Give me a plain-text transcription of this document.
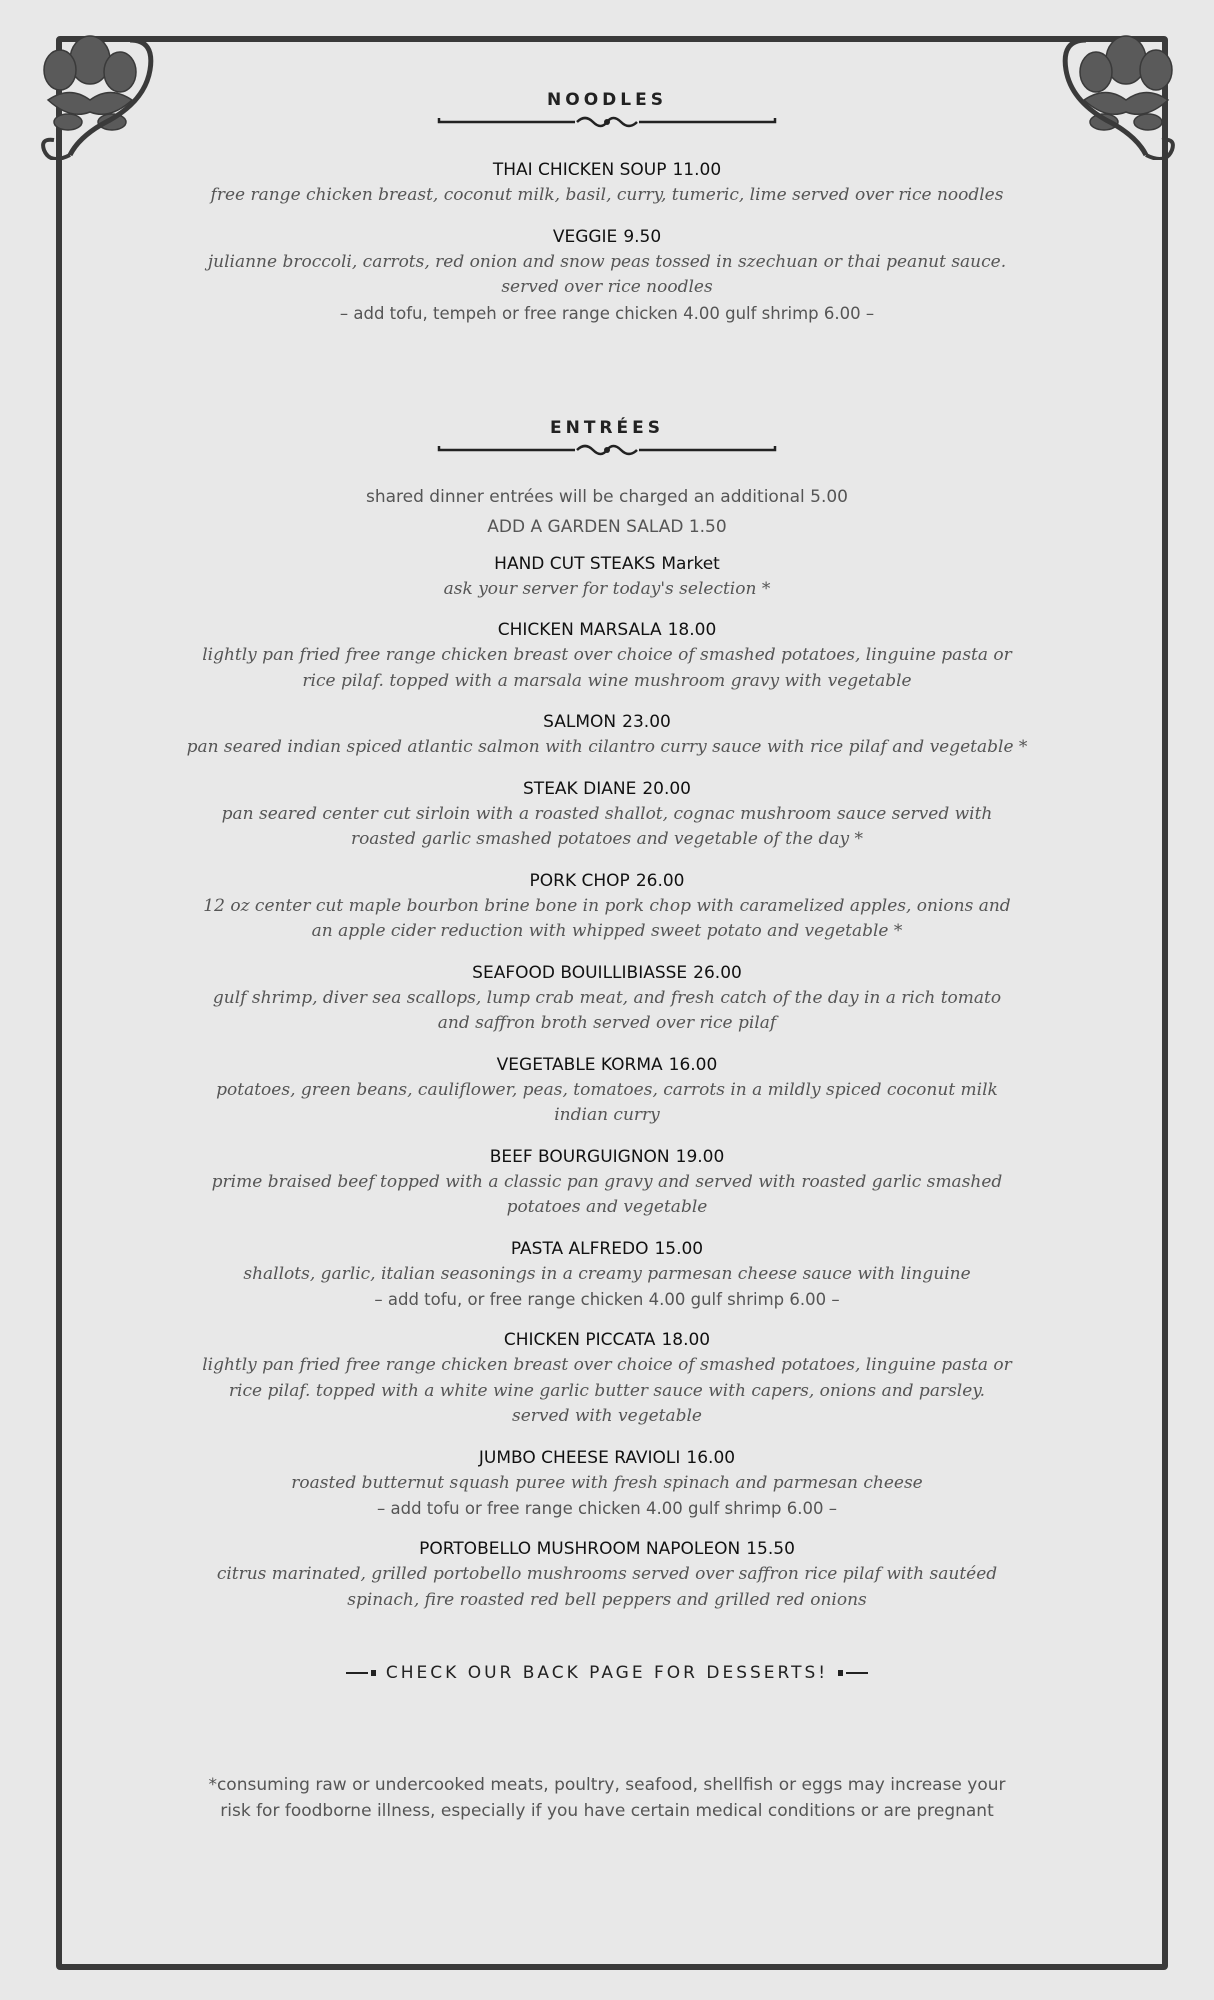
NOODLES

THAI CHICKEN SOUP 11.00

free range chicken breast, coconut milk, basil, curry, tumeric, lime served over rice noodles

VEGGIE 9.50

julianne broccoli, carrots, red onion and snow peas tossed in szechuan or thai peanut sauce.

served over rice noodles

– add tofu, tempeh or free range chicken 4.00 gulf shrimp 6.00 –

ENTRÉES

shared dinner entrées will be charged an additional 5.00

ADD A GARDEN SALAD 1.50

HAND CUT STEAKS Market

ask your server for today's selection *

CHICKEN MARSALA 18.00

lightly pan fried free range chicken breast over choice of smashed potatoes, linguine pasta or

rice pilaf. topped with a marsala wine mushroom gravy with vegetable

SALMON 23.00

pan seared indian spiced atlantic salmon with cilantro curry sauce with rice pilaf and vegetable *

STEAK DIANE 20.00

pan seared center cut sirloin with a roasted shallot, cognac mushroom sauce served with

roasted garlic smashed potatoes and vegetable of the day *

PORK CHOP 26.00

12 oz center cut maple bourbon brine bone in pork chop with caramelized apples, onions and

an apple cider reduction with whipped sweet potato and vegetable *

SEAFOOD BOUILLIBIASSE 26.00

gulf shrimp, diver sea scallops, lump crab meat, and fresh catch of the day in a rich tomato

and saffron broth served over rice pilaf

VEGETABLE KORMA 16.00

potatoes, green beans, cauliflower, peas, tomatoes, carrots in a mildly spiced coconut milk

indian curry

BEEF BOURGUIGNON 19.00

prime braised beef topped with a classic pan gravy and served with roasted garlic smashed

potatoes and vegetable

PASTA ALFREDO 15.00

shallots, garlic, italian seasonings in a creamy parmesan cheese sauce with linguine

– add tofu, or free range chicken 4.00 gulf shrimp 6.00 –

CHICKEN PICCATA 18.00

lightly pan fried free range chicken breast over choice of smashed potatoes, linguine pasta or

rice pilaf. topped with a white wine garlic butter sauce with capers, onions and parsley.

served with vegetable

JUMBO CHEESE RAVIOLI 16.00

roasted butternut squash puree with fresh spinach and parmesan cheese

– add tofu or free range chicken 4.00 gulf shrimp 6.00 –

PORTOBELLO MUSHROOM NAPOLEON 15.50

citrus marinated, grilled portobello mushrooms served over saffron rice pilaf with sautéed

spinach, fire roasted red bell peppers and grilled red onions

CHECK OUR BACK PAGE FOR DESSERTS!

*consuming raw or undercooked meats, poultry, seafood, shellfish or eggs may increase your

risk for foodborne illness, especially if you have certain medical conditions or are pregnant
